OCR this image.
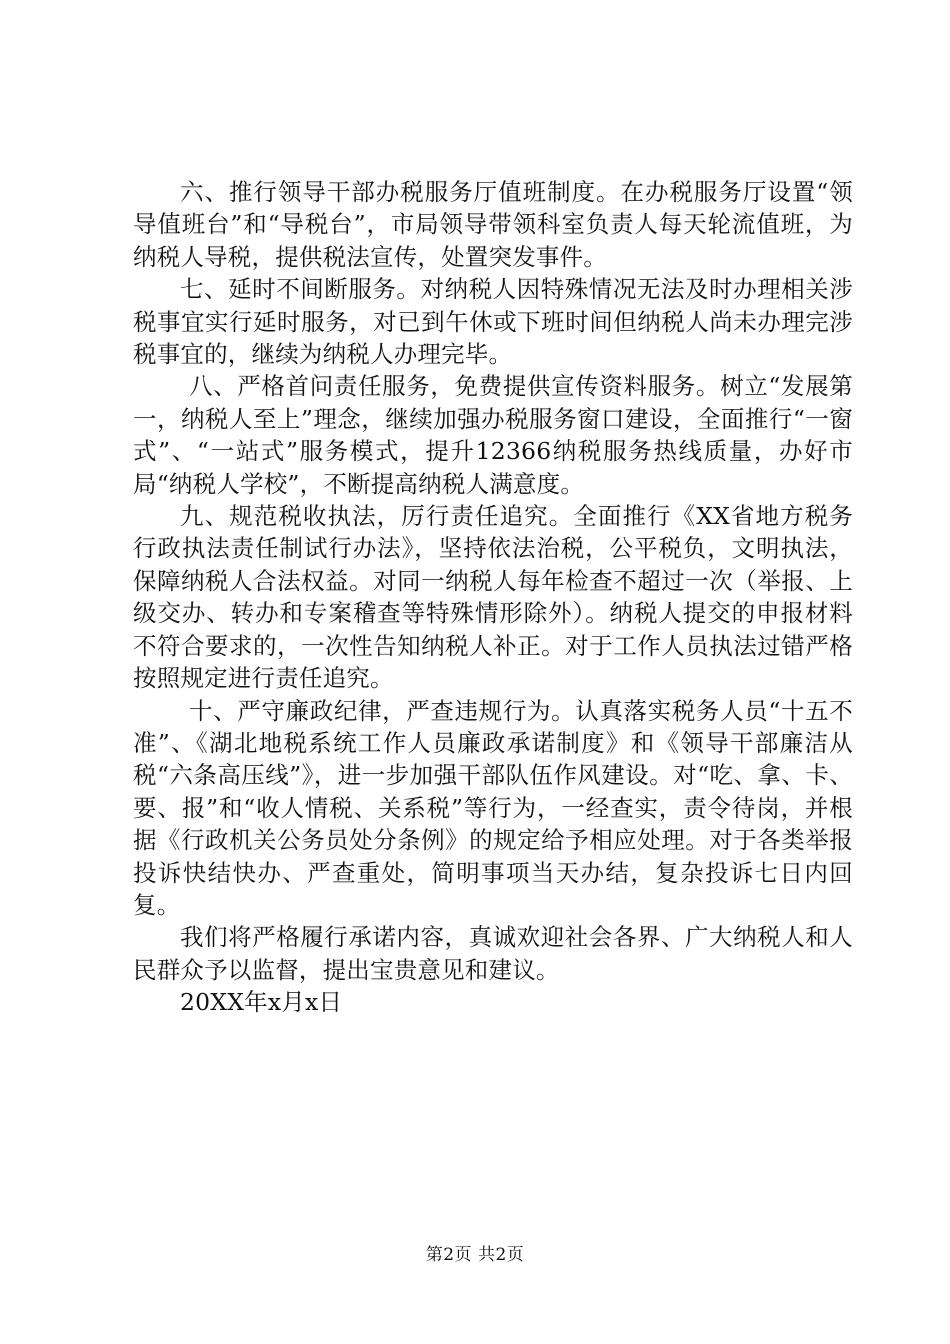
六、推行领导干部办税服务厅值班制度。在办税服务厅设置“领导值班台”和“导税台”，市局领导带领科室负责人每天轮流值班，为纳税人导税，提供税法宣传，处置突发事件。

七、延时不间断服务。对纳税人因特殊情况无法及时办理相关涉税事宜实行延时服务，对已到午休或下班时间但纳税人尚未办理完涉税事宜的，继续为纳税人办理完毕。

八、严格首问责任服务，免费提供宣传资料服务。树立“发展第一，纳税人至上”理念，继续加强办税服务窗口建设，全面推行“一窗式”、“一站式”服务模式，提升12366纳税服务热线质量，办好市局“纳税人学校”，不断提高纳税人满意度。

九、规范税收执法，厉行责任追究。全面推行《XX省地方税务行政执法责任制试行办法》，坚持依法治税，公平税负，文明执法，保障纳税人合法权益。对同一纳税人每年检查不超过一次（举报、上级交办、转办和专案稽查等特殊情形除外）。纳税人提交的申报材料不符合要求的，一次性告知纳税人补正。对于工作人员执法过错严格按照规定进行责任追究。

十、严守廉政纪律，严查违规行为。认真落实税务人员“十五不准”、《湖北地税系统工作人员廉政承诺制度》和《领导干部廉洁从税“六条高压线”》，进一步加强干部队伍作风建设。对“吃、拿、卡、要、报”和“收人情税、关系税”等行为，一经查实，责令待岗，并根据《行政机关公务员处分条例》的规定给予相应处理。对于各类举报投诉快结快办、严查重处，简明事项当天办结，复杂投诉七日内回复。

我们将严格履行承诺内容，真诚欢迎社会各界、广大纳税人和人民群众予以监督，提出宝贵意见和建议。

20XX年x月x日

第2页 共2页
